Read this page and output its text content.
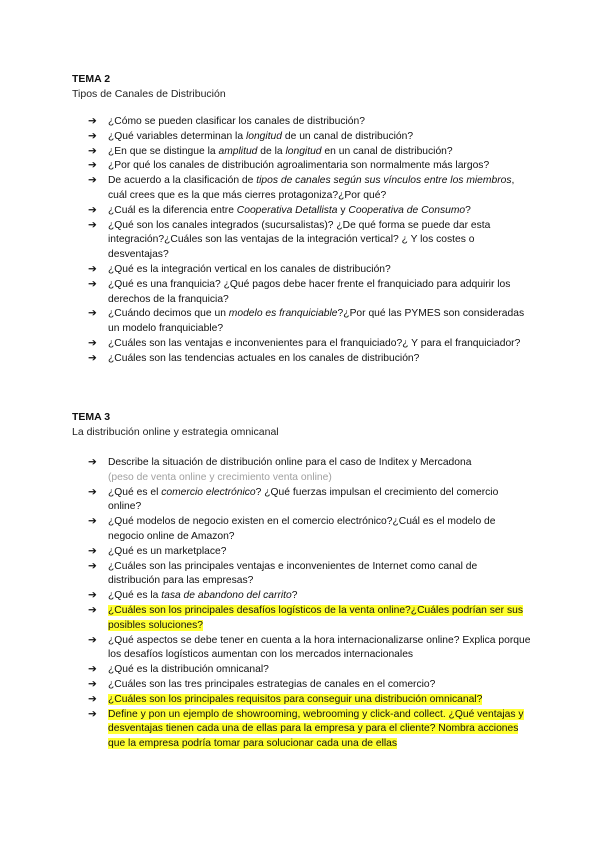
TEMA 2

Tipos de Canales de Distribución

➔ ¿Cómo se pueden clasificar los canales de distribución?
➔ ¿Qué variables determinan la longitud de un canal de distribución?
➔ ¿En que se distingue la amplitud de la longitud en un canal de distribución?
➔ ¿Por qué los canales de distribución agroalimentaria son normalmente más largos?
➔ De acuerdo a la clasificación de tipos de canales según sus vínculos entre los miembros, cuál crees que es la que más cierres protagoniza?¿Por qué?
➔ ¿Cuál es la diferencia entre Cooperativa Detallista y Cooperativa de Consumo?
➔ ¿Qué son los canales integrados (sucursalistas)? ¿De qué forma se puede dar esta integración?¿Cuáles son las ventajas de la integración vertical? ¿ Y los costes o desventajas?
➔ ¿Qué es la integración vertical en los canales de distribución?
➔ ¿Qué es una franquicia? ¿Qué pagos debe hacer frente el franquiciado para adquirir los derechos de la franquicia?
➔ ¿Cuándo decimos que un modelo es franquiciable?¿Por qué las PYMES son consideradas un modelo franquiciable?
➔ ¿Cuáles son las ventajas e inconvenientes para el franquiciado?¿ Y para el franquiciador?
➔ ¿Cuáles son las tendencias actuales en los canales de distribución?

TEMA 3

La distribución online y estrategia omnicanal

➔ Describe la situación de distribución online para el caso de Inditex y Mercadona
(peso de venta online y crecimiento venta online)
➔ ¿Qué es el comercio electrónico? ¿Qué fuerzas impulsan el crecimiento del comercio online?
➔ ¿Qué modelos de negocio existen en el comercio electrónico?¿Cuál es el modelo de negocio online de Amazon?
➔ ¿Qué es un marketplace?
➔ ¿Cuáles son las principales ventajas e inconvenientes de Internet como canal de distribución para las empresas?
➔ ¿Qué es la tasa de abandono del carrito?
➔ ¿Cuáles son los principales desafíos logísticos de la venta online?¿Cuáles podrían ser sus posibles soluciones?
➔ ¿Qué aspectos se debe tener en cuenta a la hora internacionalizarse online? Explica porque los desafíos logísticos aumentan con los mercados internacionales
➔ ¿Qué es la distribución omnicanal?
➔ ¿Cuáles son las tres principales estrategias de canales en el comercio?
➔ ¿Cuáles son los principales requisitos para conseguir una distribución omnicanal?
➔ Define y pon un ejemplo de showrooming, webrooming y click-and collect. ¿Qué ventajas y desventajas tienen cada una de ellas para la empresa y para el cliente? Nombra acciones que la empresa podría tomar para solucionar cada una de ellas
